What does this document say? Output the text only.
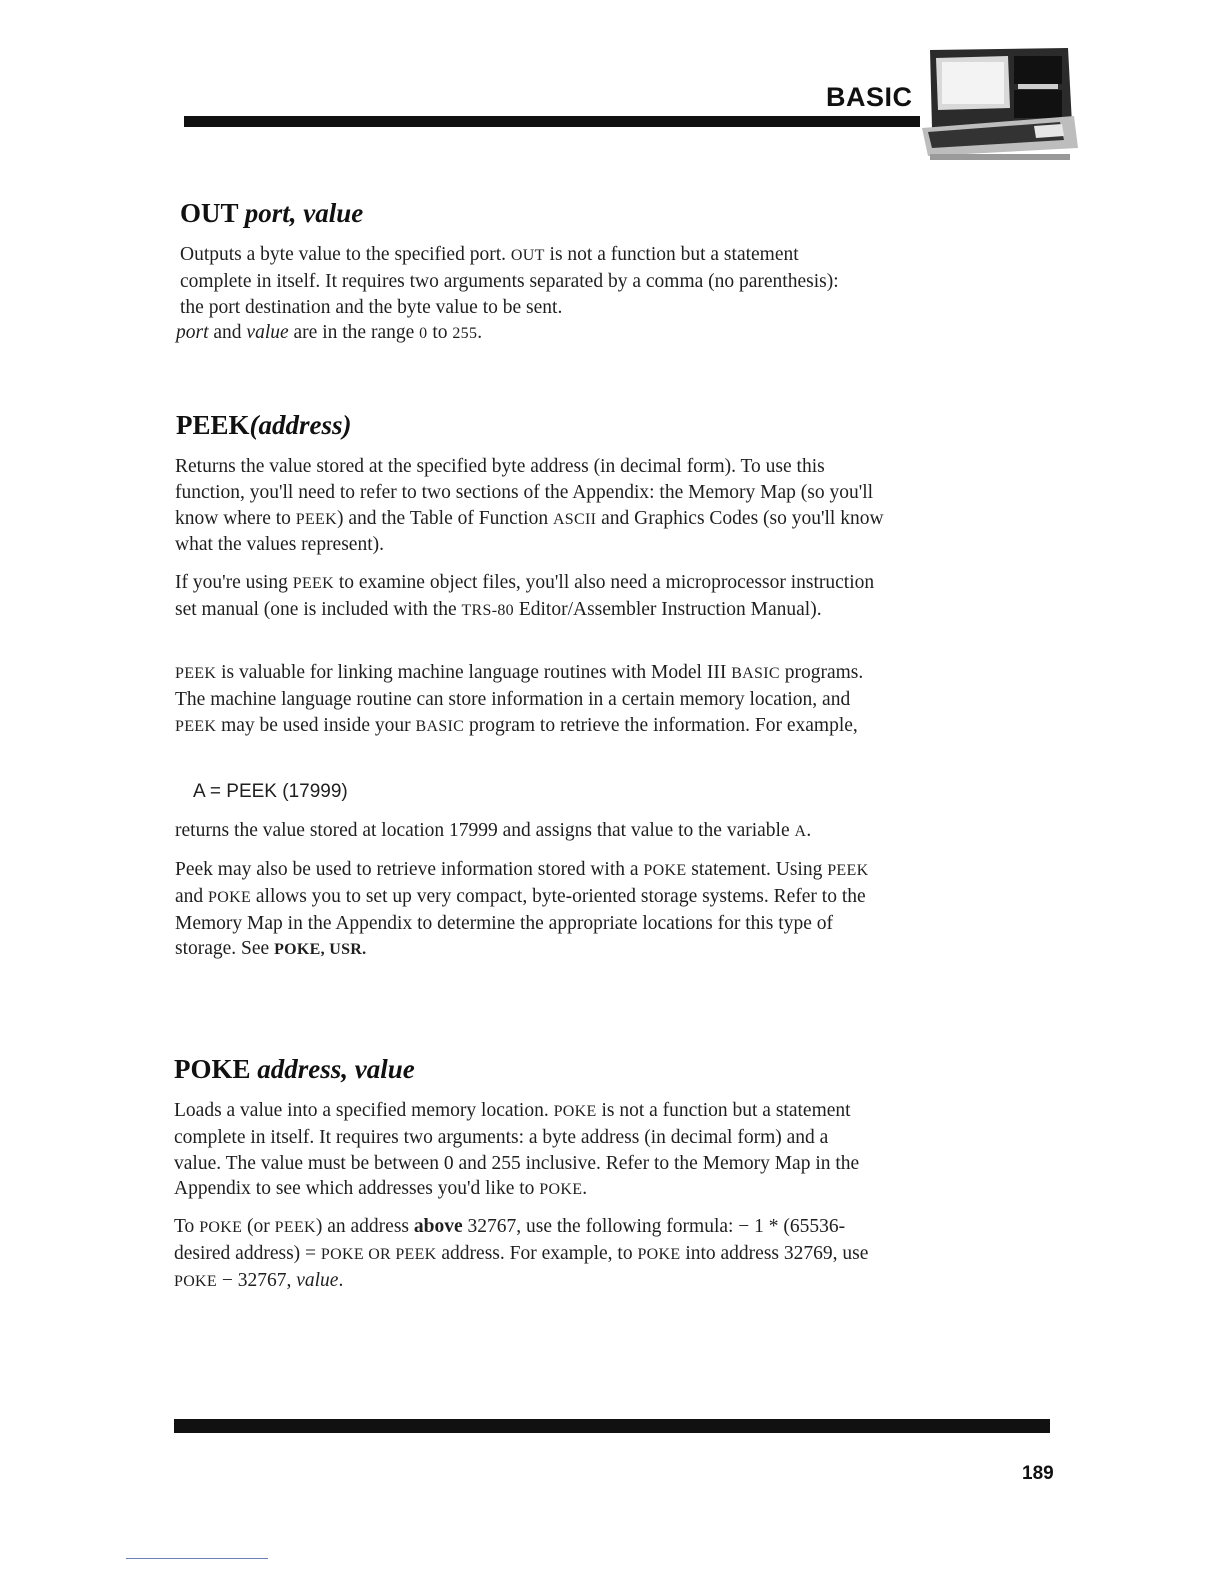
BASIC
OUT port, value

Outputs a byte value to the specified port. OUT is not a function but a statement complete in itself. It requires two arguments separated by a comma (no parenthesis): the port destination and the byte value to be sent.

port and value are in the range 0 to 255.

PEEK(address)

Returns the value stored at the specified byte address (in decimal form). To use this function, you'll need to refer to two sections of the Appendix: the Memory Map (so you'll know where to PEEK) and the Table of Function ASCII and Graphics Codes (so you'll know what the values represent).

If you're using PEEK to examine object files, you'll also need a microprocessor instruction set manual (one is included with the TRS-80 Editor/Assembler Instruction Manual).

PEEK is valuable for linking machine language routines with Model III BASIC programs. The machine language routine can store information in a certain memory location, and PEEK may be used inside your BASIC program to retrieve the information. For example,

A = PEEK (17999)

returns the value stored at location 17999 and assigns that value to the variable A.

Peek may also be used to retrieve information stored with a POKE statement. Using PEEK and POKE allows you to set up very compact, byte-oriented storage systems. Refer to the Memory Map in the Appendix to determine the appropriate locations for this type of storage. See POKE, USR.

POKE address, value

Loads a value into a specified memory location. POKE is not a function but a statement complete in itself. It requires two arguments: a byte address (in decimal form) and a value. The value must be between 0 and 255 inclusive. Refer to the Memory Map in the Appendix to see which addresses you'd like to POKE.

To POKE (or PEEK) an address above 32767, use the following formula: − 1 * (65536-desired address) = POKE OR PEEK address. For example, to POKE into address 32769, use POKE − 32767, value.

189
